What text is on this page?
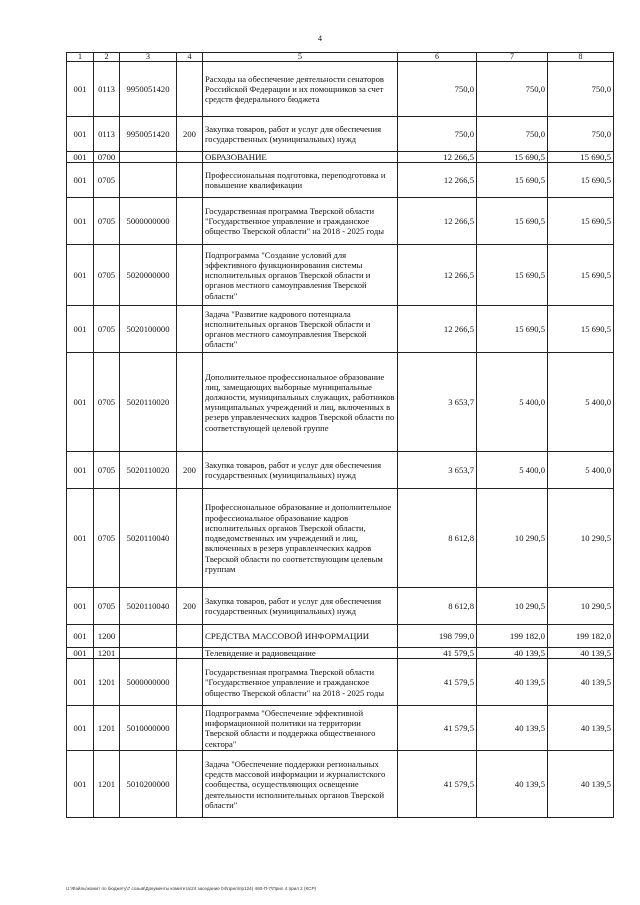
4
1	2	3	4	5	6	7	8
001	0113	9950051420		Расходы на обеспечение деятельности сенаторов Российской Федерации и их помощников за счет средств федерального бюджета	750,0	750,0	750,0
001	0113	9950051420	200	Закупка товаров, работ и услуг для обеспечения государственных (муниципальных) нужд	750,0	750,0	750,0
001	0700			ОБРАЗОВАНИЕ	12 266,5	15 690,5	15 690,5
001	0705			Профессиональная подготовка, переподготовка и повышение квалификации	12 266,5	15 690,5	15 690,5
001	0705	5000000000		Государственная программа Тверской области "Государственное управление и гражданское общество Тверской области" на 2018 - 2025 годы	12 266,5	15 690,5	15 690,5
001	0705	5020000000		Подпрограмма "Создание условий для эффективного функционирования системы исполнительных органов Тверской области и органов местного самоуправления Тверской области"	12 266,5	15 690,5	15 690,5
001	0705	5020100000		Задача "Развитие кадрового потенциала исполнительных органов Тверской области и органов местного самоуправления Тверской области"	12 266,5	15 690,5	15 690,5
001	0705	5020110020		Дополнительное профессиональное образование лиц, замещающих выборные муниципальные должности, муниципальных служащих, работников муниципальных учреждений и лиц, включенных в резерв управленческих кадров Тверской области по соответствующей целевой группе	3 653,7	5 400,0	5 400,0
001	0705	5020110020	200	Закупка товаров, работ и услуг для обеспечения государственных (муниципальных) нужд	3 653,7	5 400,0	5 400,0
001	0705	5020110040		Профессиональное образование и дополнительное профессиональное образование кадров исполнительных органов Тверской области, подведомственных им учреждений и лиц, включенных в резерв управленческих кадров Тверской области по соответствующим целевым группам	8 612,8	10 290,5	10 290,5
001	0705	5020110040	200	Закупка товаров, работ и услуг для обеспечения государственных (муниципальных) нужд	8 612,8	10 290,5	10 290,5
001	1200			СРЕДСТВА МАССОВОЙ ИНФОРМАЦИИ	198 799,0	199 182,0	199 182,0
001	1201			Телевидение и радиовещание	41 579,5	40 139,5	40 139,5
001	1201	5000000000		Государственная программа Тверской области "Государственное управление и гражданское общество Тверской области" на 2018 - 2025 годы	41 579,5	40 139,5	40 139,5
001	1201	5010000000		Подпрограмма "Обеспечение эффективной информационной политики на территории Тверской области и поддержка общественного сектора"	41 579,5	40 139,5	40 139,5
001	1201	5010200000		Задача "Обеспечение поддержки региональных средств массовой информации и журналистского сообщества, осуществляющих освещение деятельности исполнительных органов Тверской области"	41 579,5	40 139,5	40 139,5
U:\Файлы\комит по бюджету\7 созыв\Документы комитета\24 заседание 04\прил\пр124) 460-П-7\Прил 4 прил 2 (КСР)
